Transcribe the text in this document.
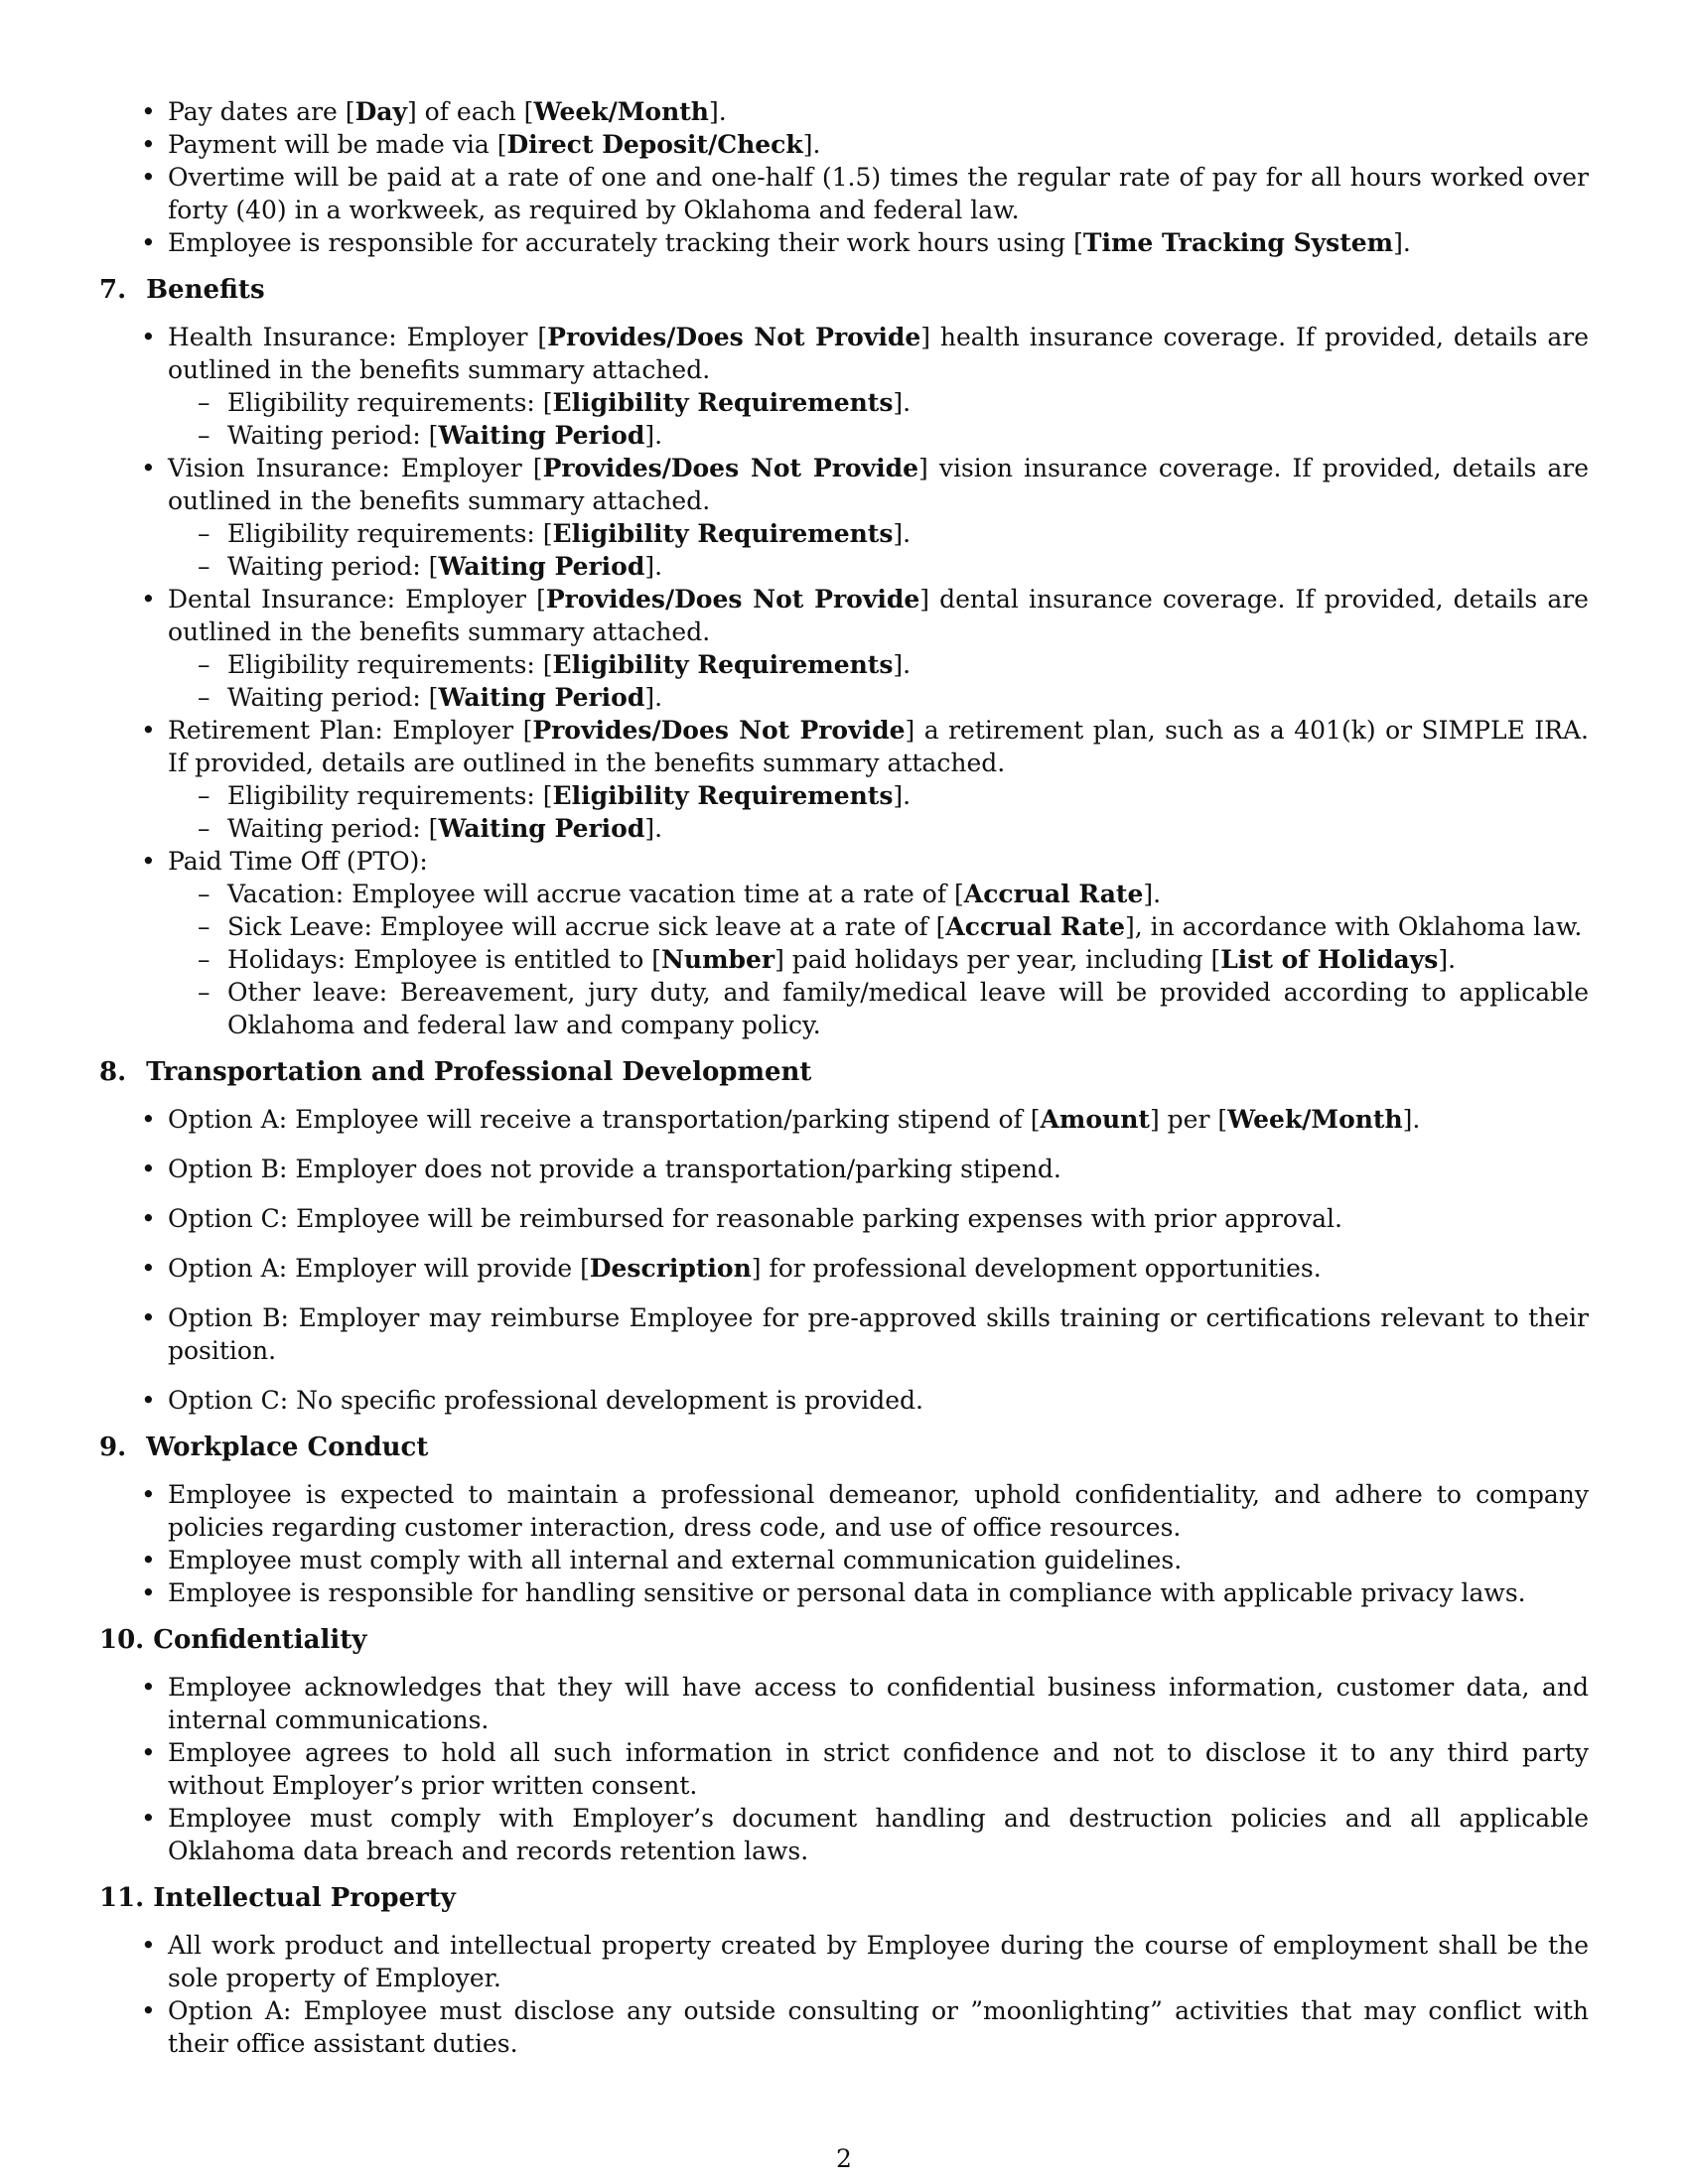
• Pay dates are [Day] of each [Week/Month].
• Payment will be made via [Direct Deposit/Check].
• Overtime will be paid at a rate of one and one-half (1.5) times the regular rate of pay for all hours worked over forty (40) in a workweek, as required by Oklahoma and federal law.
• Employee is responsible for accurately tracking their work hours using [Time Tracking System].
7. Benefits
• Health Insurance: Employer [Provides/Does Not Provide] health insurance coverage. If provided, details are outlined in the benefits summary attached.
– Eligibility requirements: [Eligibility Requirements].
– Waiting period: [Waiting Period].
• Vision Insurance: Employer [Provides/Does Not Provide] vision insurance coverage. If provided, details are outlined in the benefits summary attached.
– Eligibility requirements: [Eligibility Requirements].
– Waiting period: [Waiting Period].
• Dental Insurance: Employer [Provides/Does Not Provide] dental insurance coverage. If provided, details are outlined in the benefits summary attached.
– Eligibility requirements: [Eligibility Requirements].
– Waiting period: [Waiting Period].
• Retirement Plan: Employer [Provides/Does Not Provide] a retirement plan, such as a 401(k) or SIMPLE IRA. If provided, details are outlined in the benefits summary attached.
– Eligibility requirements: [Eligibility Requirements].
– Waiting period: [Waiting Period].
• Paid Time Off (PTO):
– Vacation: Employee will accrue vacation time at a rate of [Accrual Rate].
– Sick Leave: Employee will accrue sick leave at a rate of [Accrual Rate], in accordance with Oklahoma law.
– Holidays: Employee is entitled to [Number] paid holidays per year, including [List of Holidays].
– Other leave: Bereavement, jury duty, and family/medical leave will be provided according to applicable Oklahoma and federal law and company policy.
8. Transportation and Professional Development
• Option A: Employee will receive a transportation/parking stipend of [Amount] per [Week/Month].
• Option B: Employer does not provide a transportation/parking stipend.
• Option C: Employee will be reimbursed for reasonable parking expenses with prior approval.
• Option A: Employer will provide [Description] for professional development opportunities.
• Option B: Employer may reimburse Employee for pre-approved skills training or certifications relevant to their position.
• Option C: No specific professional development is provided.
9. Workplace Conduct
• Employee is expected to maintain a professional demeanor, uphold confidentiality, and adhere to company policies regarding customer interaction, dress code, and use of office resources.
• Employee must comply with all internal and external communication guidelines.
• Employee is responsible for handling sensitive or personal data in compliance with applicable privacy laws.
10. Confidentiality
• Employee acknowledges that they will have access to confidential business information, customer data, and internal communications.
• Employee agrees to hold all such information in strict confidence and not to disclose it to any third party without Employer’s prior written consent.
• Employee must comply with Employer’s document handling and destruction policies and all applicable Oklahoma data breach and records retention laws.
11. Intellectual Property
• All work product and intellectual property created by Employee during the course of employment shall be the sole property of Employer.
• Option A: Employee must disclose any outside consulting or ”moonlighting” activities that may conflict with their office assistant duties.
2
